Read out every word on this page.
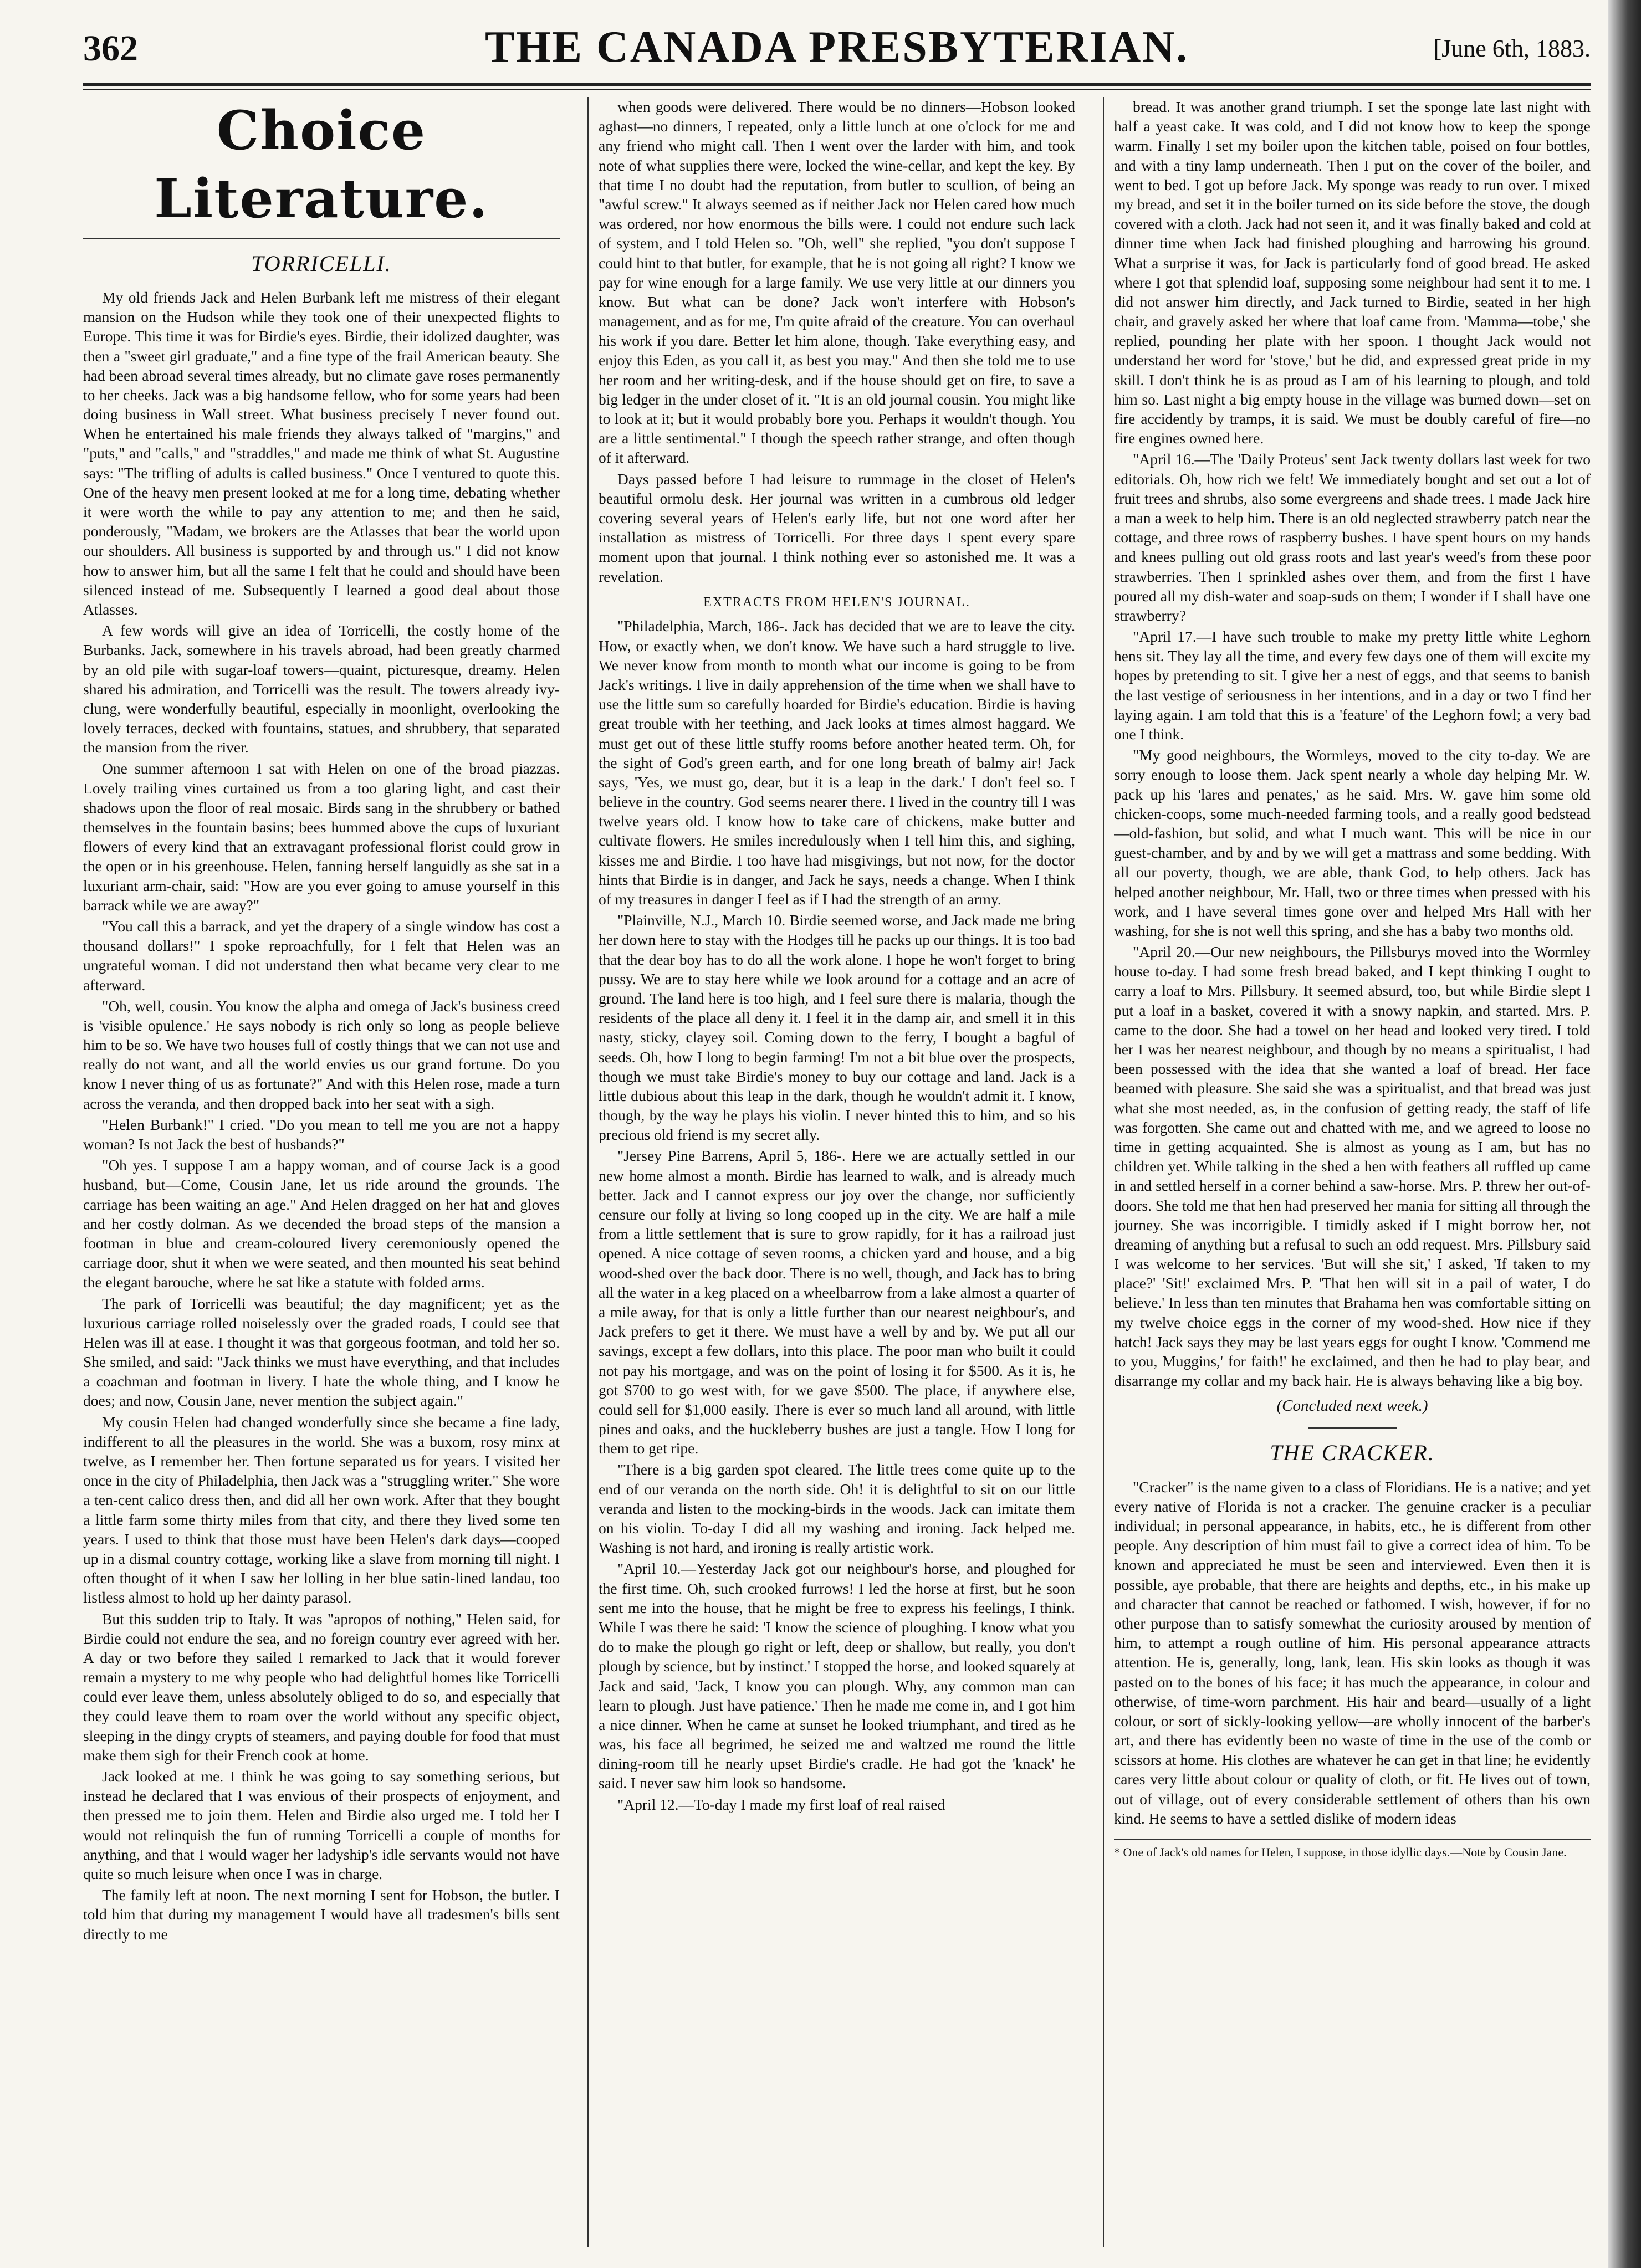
362	THE CANADA PRESBYTERIAN.	[June 6th, 1883.
Choice Literature.
TORRICELLI.

My old friends Jack and Helen Burbank left me mistress of their elegant mansion on the Hudson while they took one of their unexpected flights to Europe. This time it was for Birdie's eyes. Birdie, their idolized daughter, was then a "sweet girl graduate," and a fine type of the frail American beauty. She had been abroad several times already, but no climate gave roses permanently to her cheeks. Jack was a big handsome fellow, who for some years had been doing business in Wall street. What business precisely I never found out. When he entertained his male friends they always talked of "margins," and "puts," and "calls," and "straddles," and made me think of what St. Augustine says: "The trifling of adults is called business." Once I ventured to quote this. One of the heavy men present looked at me for a long time, debating whether it were worth the while to pay any attention to me; and then he said, ponderously, "Madam, we brokers are the Atlasses that bear the world upon our shoulders. All business is supported by and through us." I did not know how to answer him, but all the same I felt that he could and should have been silenced instead of me. Subsequently I learned a good deal about those Atlasses.

A few words will give an idea of Torricelli, the costly home of the Burbanks. Jack, somewhere in his travels abroad, had been greatly charmed by an old pile with sugar-loaf towers—quaint, picturesque, dreamy. Helen shared his admiration, and Torricelli was the result. The towers already ivy-clung, were wonderfully beautiful, especially in moonlight, overlooking the lovely terraces, decked with fountains, statues, and shrubbery, that separated the mansion from the river.

One summer afternoon I sat with Helen on one of the broad piazzas. Lovely trailing vines curtained us from a too glaring light, and cast their shadows upon the floor of real mosaic. Birds sang in the shrubbery or bathed themselves in the fountain basins; bees hummed above the cups of luxuriant flowers of every kind that an extravagant professional florist could grow in the open or in his greenhouse. Helen, fanning herself languidly as she sat in a luxuriant arm-chair, said: "How are you ever going to amuse yourself in this barrack while we are away?"

"You call this a barrack, and yet the drapery of a single window has cost a thousand dollars!" I spoke reproachfully, for I felt that Helen was an ungrateful woman. I did not understand then what became very clear to me afterward.

"Oh, well, cousin. You know the alpha and omega of Jack's business creed is 'visible opulence.' He says nobody is rich only so long as people believe him to be so. We have two houses full of costly things that we can not use and really do not want, and all the world envies us our grand fortune. Do you know I never thing of us as fortunate?" And with this Helen rose, made a turn across the veranda, and then dropped back into her seat with a sigh.

"Helen Burbank!" I cried. "Do you mean to tell me you are not a happy woman? Is not Jack the best of husbands?"

"Oh yes. I suppose I am a happy woman, and of course Jack is a good husband, but—Come, Cousin Jane, let us ride around the grounds. The carriage has been waiting an age." And Helen dragged on her hat and gloves and her costly dolman. As we decended the broad steps of the mansion a footman in blue and cream-coloured livery ceremoniously opened the carriage door, shut it when we were seated, and then mounted his seat behind the elegant barouche, where he sat like a statute with folded arms.

The park of Torricelli was beautiful; the day magnificent; yet as the luxurious carriage rolled noiselessly over the graded roads, I could see that Helen was ill at ease. I thought it was that gorgeous footman, and told her so. She smiled, and said: "Jack thinks we must have everything, and that includes a coachman and footman in livery. I hate the whole thing, and I know he does; and now, Cousin Jane, never mention the subject again."

My cousin Helen had changed wonderfully since she became a fine lady, indifferent to all the pleasures in the world. She was a buxom, rosy minx at twelve, as I remember her. Then fortune separated us for years. I visited her once in the city of Philadelphia, then Jack was a "struggling writer." She wore a ten-cent calico dress then, and did all her own work. After that they bought a little farm some thirty miles from that city, and there they lived some ten years. I used to think that those must have been Helen's dark days—cooped up in a dismal country cottage, working like a slave from morning till night. I often thought of it when I saw her lolling in her blue satin-lined landau, too listless almost to hold up her dainty parasol.

But this sudden trip to Italy. It was "apropos of nothing," Helen said, for Birdie could not endure the sea, and no foreign country ever agreed with her. A day or two before they sailed I remarked to Jack that it would forever remain a mystery to me why people who had delightful homes like Torricelli could ever leave them, unless absolutely obliged to do so, and especially that they could leave them to roam over the world without any specific object, sleeping in the dingy crypts of steamers, and paying double for food that must make them sigh for their French cook at home.

Jack looked at me. I think he was going to say something serious, but instead he declared that I was envious of their prospects of enjoyment, and then pressed me to join them. Helen and Birdie also urged me. I told her I would not relinquish the fun of running Torricelli a couple of months for anything, and that I would wager her ladyship's idle servants would not have quite so much leisure when once I was in charge.

The family left at noon. The next morning I sent for Hobson, the butler. I told him that during my management I would have all tradesmen's bills sent directly to me

when goods were delivered. There would be no dinners—Hobson looked aghast—no dinners, I repeated, only a little lunch at one o'clock for me and any friend who might call. Then I went over the larder with him, and took note of what supplies there were, locked the wine-cellar, and kept the key. By that time I no doubt had the reputation, from butler to scullion, of being an "awful screw." It always seemed as if neither Jack nor Helen cared how much was ordered, nor how enormous the bills were. I could not endure such lack of system, and I told Helen so. "Oh, well" she replied, "you don't suppose I could hint to that butler, for example, that he is not going all right? I know we pay for wine enough for a large family. We use very little at our dinners you know. But what can be done? Jack won't interfere with Hobson's management, and as for me, I'm quite afraid of the creature. You can overhaul his work if you dare. Better let him alone, though. Take everything easy, and enjoy this Eden, as you call it, as best you may." And then she told me to use her room and her writing-desk, and if the house should get on fire, to save a big ledger in the under closet of it. "It is an old journal cousin. You might like to look at it; but it would probably bore you. Perhaps it wouldn't though. You are a little sentimental." I though the speech rather strange, and often though of it afterward.

Days passed before I had leisure to rummage in the closet of Helen's beautiful ormolu desk. Her journal was written in a cumbrous old ledger covering several years of Helen's early life, but not one word after her installation as mistress of Torricelli. For three days I spent every spare moment upon that journal. I think nothing ever so astonished me. It was a revelation.

EXTRACTS FROM HELEN'S JOURNAL.

"Philadelphia, March, 186-. Jack has decided that we are to leave the city. How, or exactly when, we don't know. We have such a hard struggle to live. We never know from month to month what our income is going to be from Jack's writings. I live in daily apprehension of the time when we shall have to use the little sum so carefully hoarded for Birdie's education. Birdie is having great trouble with her teething, and Jack looks at times almost haggard. We must get out of these little stuffy rooms before another heated term. Oh, for the sight of God's green earth, and for one long breath of balmy air! Jack says, 'Yes, we must go, dear, but it is a leap in the dark.' I don't feel so. I believe in the country. God seems nearer there. I lived in the country till I was twelve years old. I know how to take care of chickens, make butter and cultivate flowers. He smiles incredulously when I tell him this, and sighing, kisses me and Birdie. I too have had misgivings, but not now, for the doctor hints that Birdie is in danger, and Jack he says, needs a change. When I think of my treasures in danger I feel as if I had the strength of an army.

"Plainville, N.J., March 10. Birdie seemed worse, and Jack made me bring her down here to stay with the Hodges till he packs up our things. It is too bad that the dear boy has to do all the work alone. I hope he won't forget to bring pussy. We are to stay here while we look around for a cottage and an acre of ground. The land here is too high, and I feel sure there is malaria, though the residents of the place all deny it. I feel it in the damp air, and smell it in this nasty, sticky, clayey soil. Coming down to the ferry, I bought a bagful of seeds. Oh, how I long to begin farming! I'm not a bit blue over the prospects, though we must take Birdie's money to buy our cottage and land. Jack is a little dubious about this leap in the dark, though he wouldn't admit it. I know, though, by the way he plays his violin. I never hinted this to him, and so his precious old friend is my secret ally.

"Jersey Pine Barrens, April 5, 186-. Here we are actually settled in our new home almost a month. Birdie has learned to walk, and is already much better. Jack and I cannot express our joy over the change, nor sufficiently censure our folly at living so long cooped up in the city. We are half a mile from a little settlement that is sure to grow rapidly, for it has a railroad just opened. A nice cottage of seven rooms, a chicken yard and house, and a big wood-shed over the back door. There is no well, though, and Jack has to bring all the water in a keg placed on a wheelbarrow from a lake almost a quarter of a mile away, for that is only a little further than our nearest neighbour's, and Jack prefers to get it there. We must have a well by and by. We put all our savings, except a few dollars, into this place. The poor man who built it could not pay his mortgage, and was on the point of losing it for $500. As it is, he got $700 to go west with, for we gave $500. The place, if anywhere else, could sell for $1,000 easily. There is ever so much land all around, with little pines and oaks, and the huckleberry bushes are just a tangle. How I long for them to get ripe.

"There is a big garden spot cleared. The little trees come quite up to the end of our veranda on the north side. Oh! it is delightful to sit on our little veranda and listen to the mocking-birds in the woods. Jack can imitate them on his violin. To-day I did all my washing and ironing. Jack helped me. Washing is not hard, and ironing is really artistic work.

"April 10.—Yesterday Jack got our neighbour's horse, and ploughed for the first time. Oh, such crooked furrows! I led the horse at first, but he soon sent me into the house, that he might be free to express his feelings, I think. While I was there he said: 'I know the science of ploughing. I know what you do to make the plough go right or left, deep or shallow, but really, you don't plough by science, but by instinct.' I stopped the horse, and looked squarely at Jack and said, 'Jack, I know you can plough. Why, any common man can learn to plough. Just have patience.' Then he made me come in, and I got him a nice dinner. When he came at sunset he looked triumphant, and tired as he was, his face all begrimed, he seized me and waltzed me round the little dining-room till he nearly upset Birdie's cradle. He had got the 'knack' he said. I never saw him look so handsome.

"April 12.—To-day I made my first loaf of real raised

bread. It was another grand triumph. I set the sponge late last night with half a yeast cake. It was cold, and I did not know how to keep the sponge warm. Finally I set my boiler upon the kitchen table, poised on four bottles, and with a tiny lamp underneath. Then I put on the cover of the boiler, and went to bed. I got up before Jack. My sponge was ready to run over. I mixed my bread, and set it in the boiler turned on its side before the stove, the dough covered with a cloth. Jack had not seen it, and it was finally baked and cold at dinner time when Jack had finished ploughing and harrowing his ground. What a surprise it was, for Jack is particularly fond of good bread. He asked where I got that splendid loaf, supposing some neighbour had sent it to me. I did not answer him directly, and Jack turned to Birdie, seated in her high chair, and gravely asked her where that loaf came from. 'Mamma—tobe,' she replied, pounding her plate with her spoon. I thought Jack would not understand her word for 'stove,' but he did, and expressed great pride in my skill. I don't think he is as proud as I am of his learning to plough, and told him so. Last night a big empty house in the village was burned down—set on fire accidently by tramps, it is said. We must be doubly careful of fire—no fire engines owned here.

"April 16.—The 'Daily Proteus' sent Jack twenty dollars last week for two editorials. Oh, how rich we felt! We immediately bought and set out a lot of fruit trees and shrubs, also some evergreens and shade trees. I made Jack hire a man a week to help him. There is an old neglected strawberry patch near the cottage, and three rows of raspberry bushes. I have spent hours on my hands and knees pulling out old grass roots and last year's weed's from these poor strawberries. Then I sprinkled ashes over them, and from the first I have poured all my dish-water and soap-suds on them; I wonder if I shall have one strawberry?

"April 17.—I have such trouble to make my pretty little white Leghorn hens sit. They lay all the time, and every few days one of them will excite my hopes by pretending to sit. I give her a nest of eggs, and that seems to banish the last vestige of seriousness in her intentions, and in a day or two I find her laying again. I am told that this is a 'feature' of the Leghorn fowl; a very bad one I think.

"My good neighbours, the Wormleys, moved to the city to-day. We are sorry enough to loose them. Jack spent nearly a whole day helping Mr. W. pack up his 'lares and penates,' as he said. Mrs. W. gave him some old chicken-coops, some much-needed farming tools, and a really good bedstead—old-fashion, but solid, and what I much want. This will be nice in our guest-chamber, and by and by we will get a mattrass and some bedding. With all our poverty, though, we are able, thank God, to help others. Jack has helped another neighbour, Mr. Hall, two or three times when pressed with his work, and I have several times gone over and helped Mrs Hall with her washing, for she is not well this spring, and she has a baby two months old.

"April 20.—Our new neighbours, the Pillsburys moved into the Wormley house to-day. I had some fresh bread baked, and I kept thinking I ought to carry a loaf to Mrs. Pillsbury. It seemed absurd, too, but while Birdie slept I put a loaf in a basket, covered it with a snowy napkin, and started. Mrs. P. came to the door. She had a towel on her head and looked very tired. I told her I was her nearest neighbour, and though by no means a spiritualist, I had been possessed with the idea that she wanted a loaf of bread. Her face beamed with pleasure. She said she was a spiritualist, and that bread was just what she most needed, as, in the confusion of getting ready, the staff of life was forgotten. She came out and chatted with me, and we agreed to loose no time in getting acquainted. She is almost as young as I am, but has no children yet. While talking in the shed a hen with feathers all ruffled up came in and settled herself in a corner behind a saw-horse. Mrs. P. threw her out-of-doors. She told me that hen had preserved her mania for sitting all through the journey. She was incorrigible. I timidly asked if I might borrow her, not dreaming of anything but a refusal to such an odd request. Mrs. Pillsbury said I was welcome to her services. 'But will she sit,' I asked, 'If taken to my place?' 'Sit!' exclaimed Mrs. P. 'That hen will sit in a pail of water, I do believe.' In less than ten minutes that Brahama hen was comfortable sitting on my twelve choice eggs in the corner of my wood-shed. How nice if they hatch! Jack says they may be last years eggs for ought I know. 'Commend me to you, Muggins,' for faith!' he exclaimed, and then he had to play bear, and disarrange my collar and my back hair. He is always behaving like a big boy.

(Concluded next week.)
THE CRACKER.

"Cracker" is the name given to a class of Floridians. He is a native; and yet every native of Florida is not a cracker. The genuine cracker is a peculiar individual; in personal appearance, in habits, etc., he is different from other people. Any description of him must fail to give a correct idea of him. To be known and appreciated he must be seen and interviewed. Even then it is possible, aye probable, that there are heights and depths, etc., in his make up and character that cannot be reached or fathomed. I wish, however, if for no other purpose than to satisfy somewhat the curiosity aroused by mention of him, to attempt a rough outline of him. His personal appearance attracts attention. He is, generally, long, lank, lean. His skin looks as though it was pasted on to the bones of his face; it has much the appearance, in colour and otherwise, of time-worn parchment. His hair and beard—usually of a light colour, or sort of sickly-looking yellow—are wholly innocent of the barber's art, and there has evidently been no waste of time in the use of the comb or scissors at home. His clothes are whatever he can get in that line; he evidently cares very little about colour or quality of cloth, or fit. He lives out of town, out of village, out of every considerable settlement of others than his own kind. He seems to have a settled dislike of modern ideas

* One of Jack's old names for Helen, I suppose, in those idyllic days.—Note by Cousin Jane.
